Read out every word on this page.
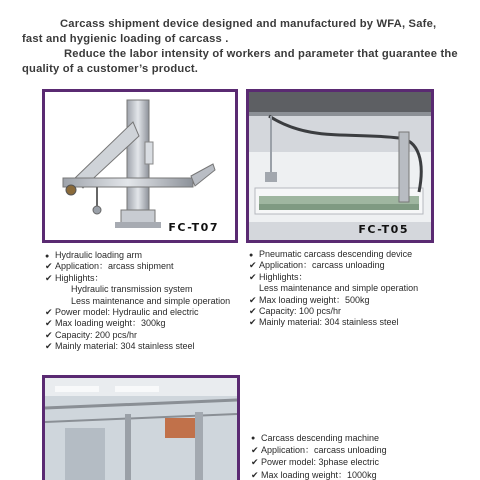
Carcass shipment device designed and manufactured by WFA, Safe,
fast and hygienic loading of carcass .
Reduce the labor intensity of workers and parameter that guarantee the
quality of a customer’s product.
FC-T07	FC-T05
● Hydraulic loading arm
✔ Application：arcass shipment
✔ Highlights：
Hydraulic transmission system
Less maintenance and simple operation
✔ Power model: Hydraulic and electric
✔ Max loading weight：300kg
✔ Capacity: 200 pcs/hr
✔ Mainly material: 304 stainless steel
● Pneumatic carcass descending device
✔ Application：carcass unloading
✔ Highlights：
Less maintenance and simple operation
✔ Max loading weight：500kg
✔ Capacity: 100 pcs/hr
✔ Mainly material: 304 stainless steel
● Carcass descending machine
✔ Application：carcass unloading
✔ Power model: 3phase electric
✔ Max loading weight：1000kg
